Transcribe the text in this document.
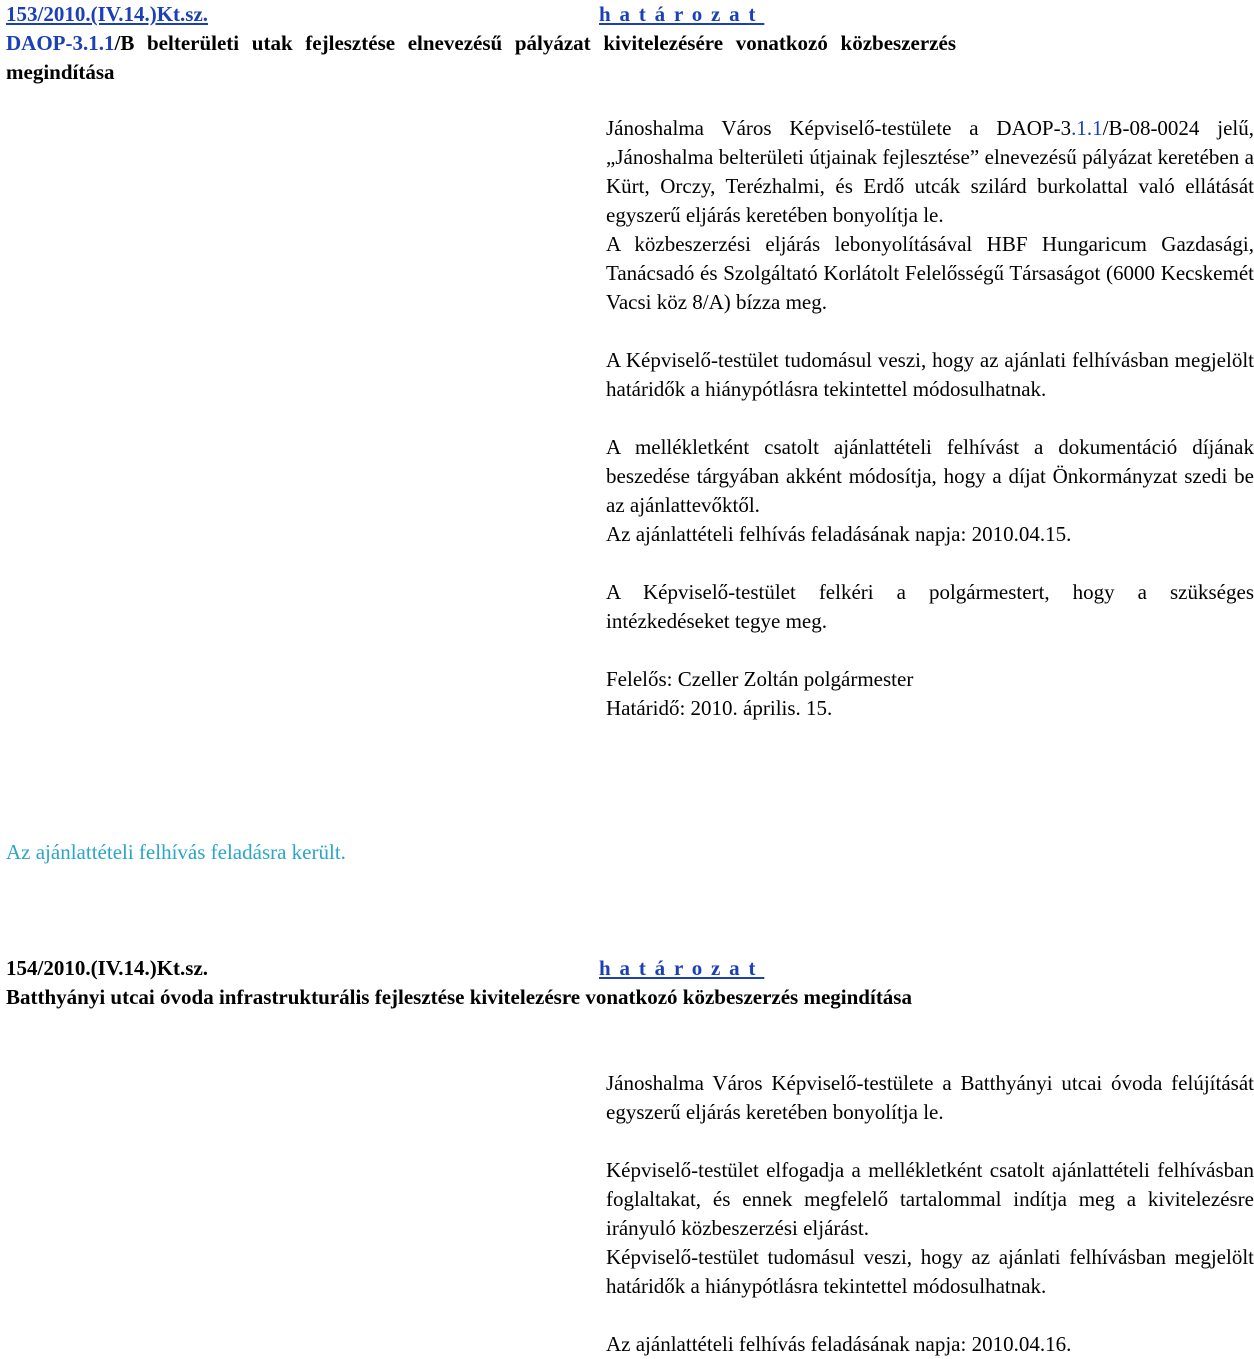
153/2010.(IV.14.)Kt.sz.	határozat
DAOP-3.1.1/B belterületi utak fejlesztése elnevezésű pályázat kivitelezésére vonatkozó közbeszerzés megindítása

Jánoshalma Város Képviselő-testülete a DAOP-3.1.1/B-08-0024 jelű, „Jánoshalma belterületi útjainak fejlesztése” elnevezésű pályázat keretében a Kürt, Orczy, Terézhalmi, és Erdő utcák szilárd burkolattal való ellátását egyszerű eljárás keretében bonyolítja le.

A közbeszerzési eljárás lebonyolításával HBF Hungaricum Gazdasági, Tanácsadó és Szolgáltató Korlátolt Felelősségű Társaságot (6000 Kecskemét Vacsi köz 8/A) bízza meg.

A Képviselő-testület tudomásul veszi, hogy az ajánlati felhívásban megjelölt határidők a hiánypótlásra tekintettel módosulhatnak.

A mellékletként csatolt ajánlattételi felhívást a dokumentáció díjának beszedése tárgyában akként módosítja, hogy a díjat Önkormányzat szedi be az ajánlattevőktől.

Az ajánlattételi felhívás feladásának napja: 2010.04.15.

A Képviselő-testület felkéri a polgármestert, hogy a szükséges intézkedéseket tegye meg.

Felelős: Czeller Zoltán polgármester

Határidő: 2010. április. 15.

Az ajánlattételi felhívás feladásra került.
154/2010.(IV.14.)Kt.sz.	határozat
Batthyányi utcai óvoda infrastrukturális fejlesztése kivitelezésre vonatkozó közbeszerzés megindítása

Jánoshalma Város Képviselő-testülete a Batthyányi utcai óvoda felújítását egyszerű eljárás keretében bonyolítja le.

Képviselő-testület elfogadja a mellékletként csatolt ajánlattételi felhívásban foglaltakat, és ennek megfelelő tartalommal indítja meg a kivitelezésre irányuló közbeszerzési eljárást.

Képviselő-testület tudomásul veszi, hogy az ajánlati felhívásban megjelölt határidők a hiánypótlásra tekintettel módosulhatnak.

Az ajánlattételi felhívás feladásának napja: 2010.04.16.
